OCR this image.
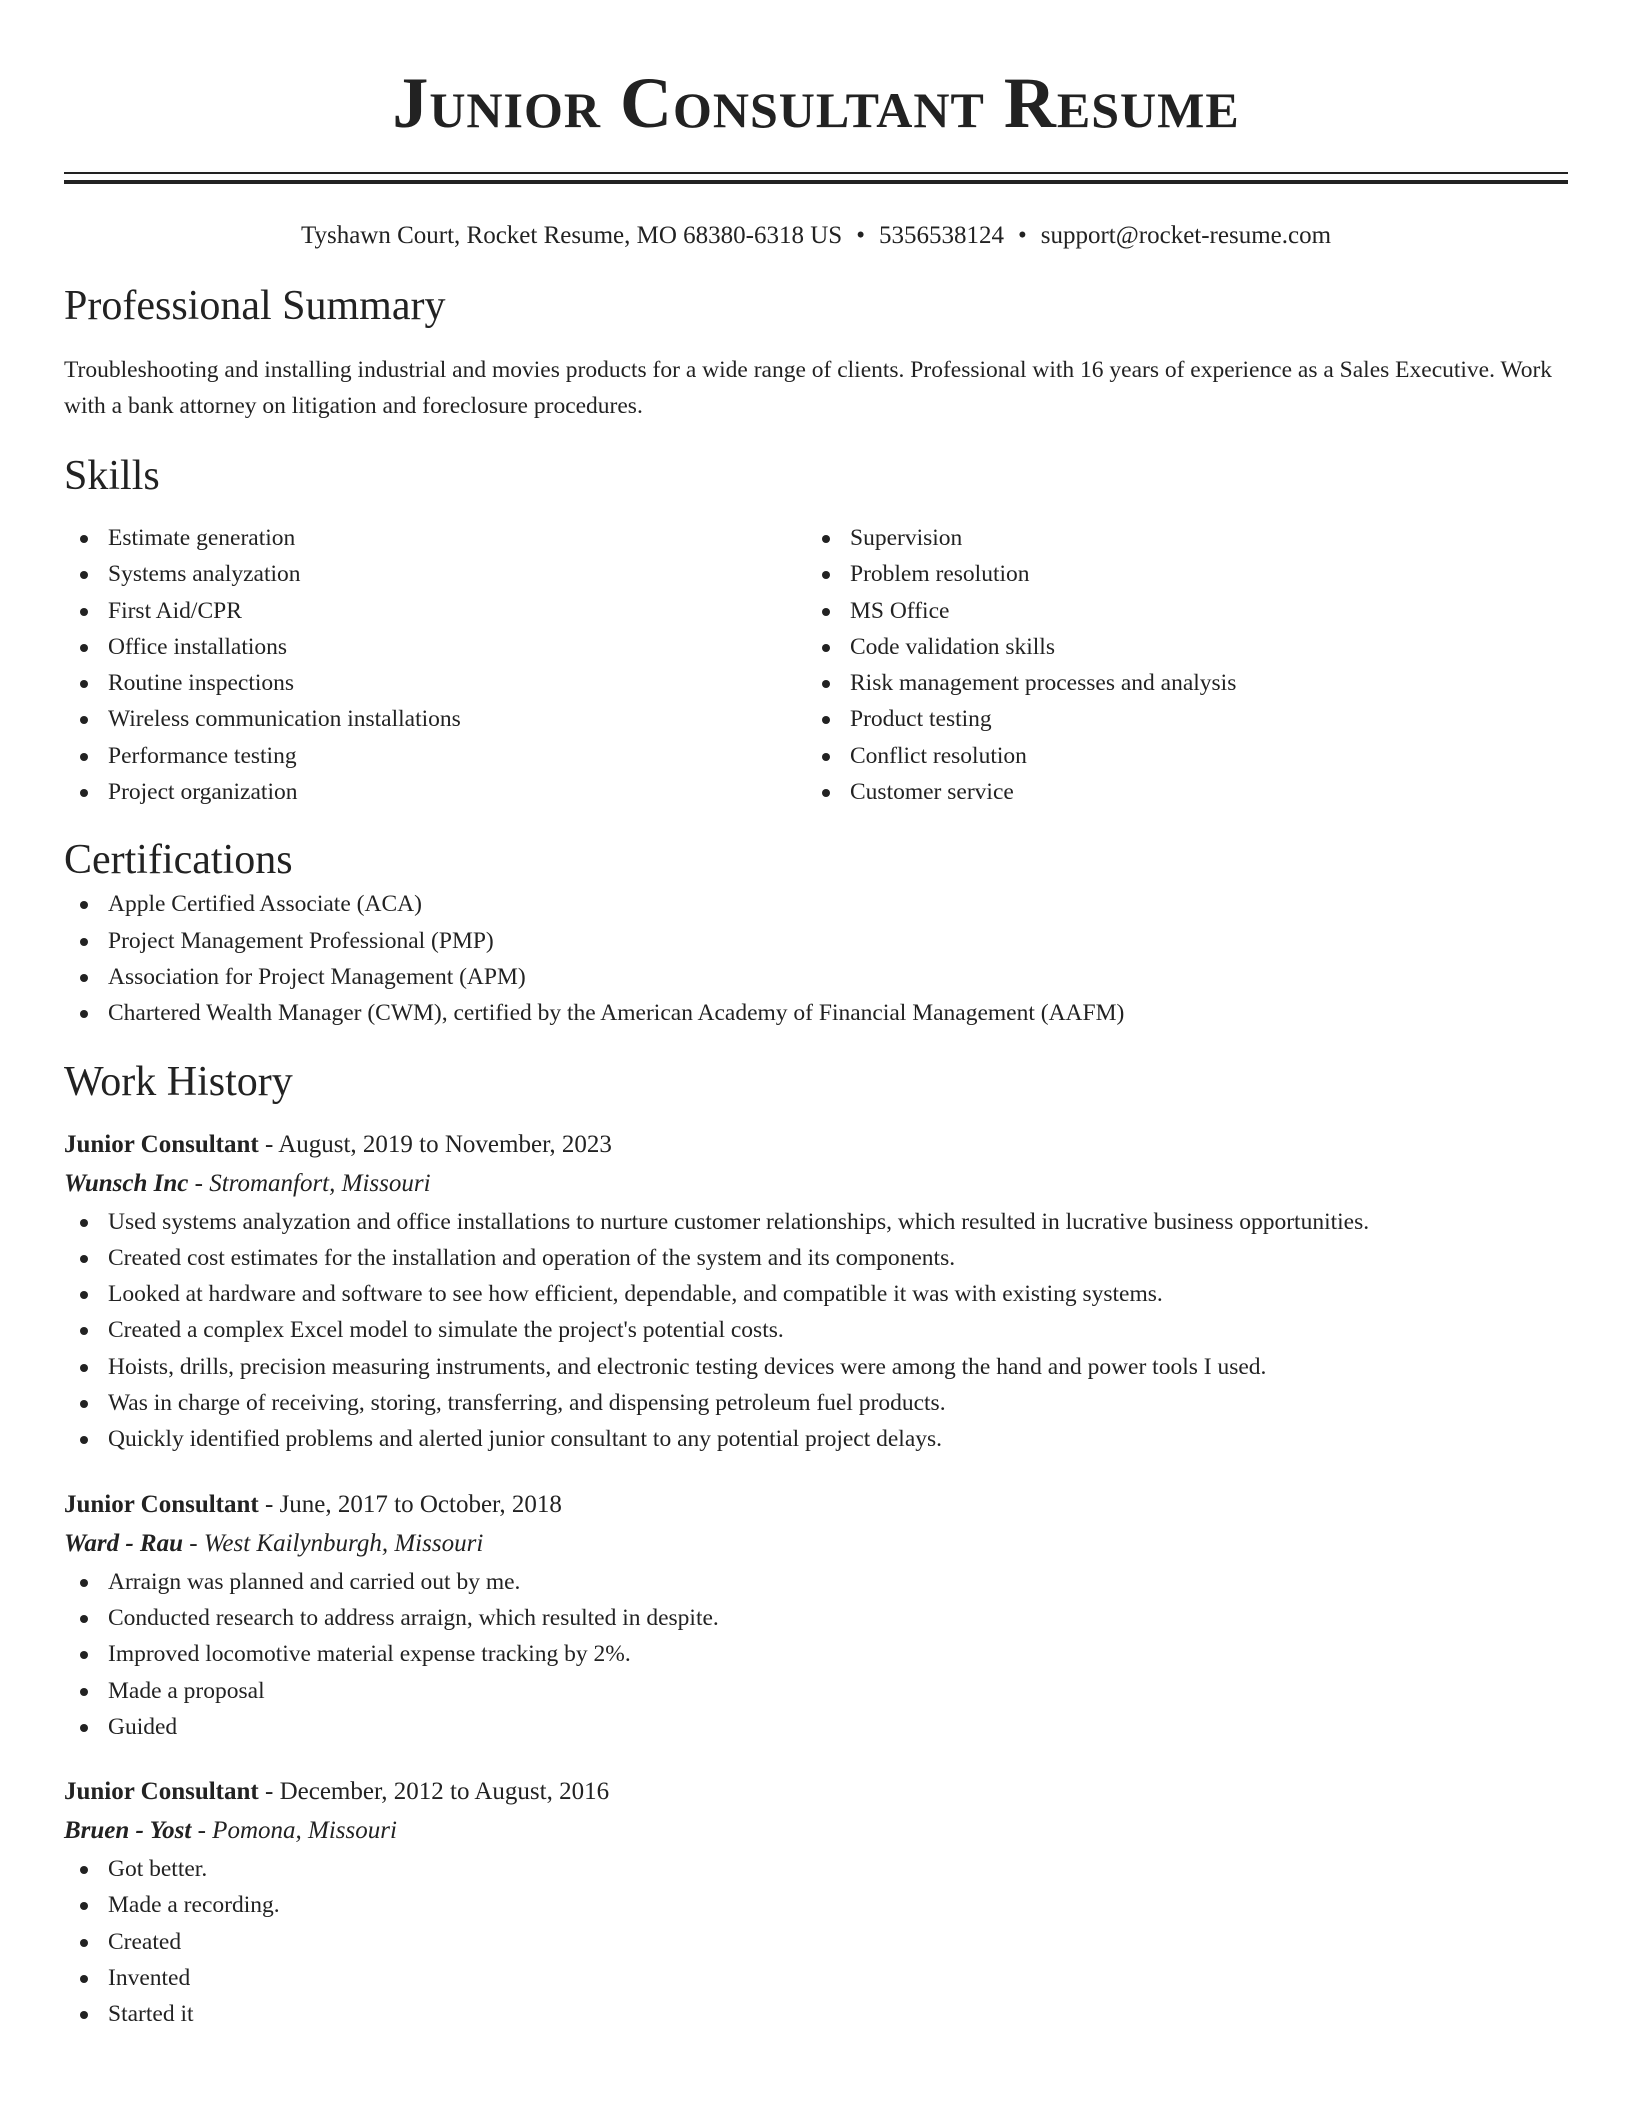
Junior Consultant Resume
Tyshawn Court, Rocket Resume, MO 68380-6318 US • 5356538124 • support@rocket-resume.com
Professional Summary

Troubleshooting and installing industrial and movies products for a wide range of clients. Professional with 16 years of experience as a Sales Executive. Work with a bank attorney on litigation and foreclosure procedures.

Skills
Estimate generation
Systems analyzation
First Aid/CPR
Office installations
Routine inspections
Wireless communication installations
Performance testing
Project organization
Supervision
Problem resolution
MS Office
Code validation skills
Risk management processes and analysis
Product testing
Conflict resolution
Customer service
Certifications
Apple Certified Associate (ACA)
Project Management Professional (PMP)
Association for Project Management (APM)
Chartered Wealth Manager (CWM), certified by the American Academy of Financial Management (AAFM)
Work History
Junior Consultant - August, 2019 to November, 2023
Wunsch Inc - Stromanfort, Missouri
Used systems analyzation and office installations to nurture customer relationships, which resulted in lucrative business opportunities.
Created cost estimates for the installation and operation of the system and its components.
Looked at hardware and software to see how efficient, dependable, and compatible it was with existing systems.
Created a complex Excel model to simulate the project's potential costs.
Hoists, drills, precision measuring instruments, and electronic testing devices were among the hand and power tools I used.
Was in charge of receiving, storing, transferring, and dispensing petroleum fuel products.
Quickly identified problems and alerted junior consultant to any potential project delays.
Junior Consultant - June, 2017 to October, 2018
Ward - Rau - West Kailynburgh, Missouri
Arraign was planned and carried out by me.
Conducted research to address arraign, which resulted in despite.
Improved locomotive material expense tracking by 2%.
Made a proposal
Guided
Junior Consultant - December, 2012 to August, 2016
Bruen - Yost - Pomona, Missouri
Got better.
Made a recording.
Created
Invented
Started it
